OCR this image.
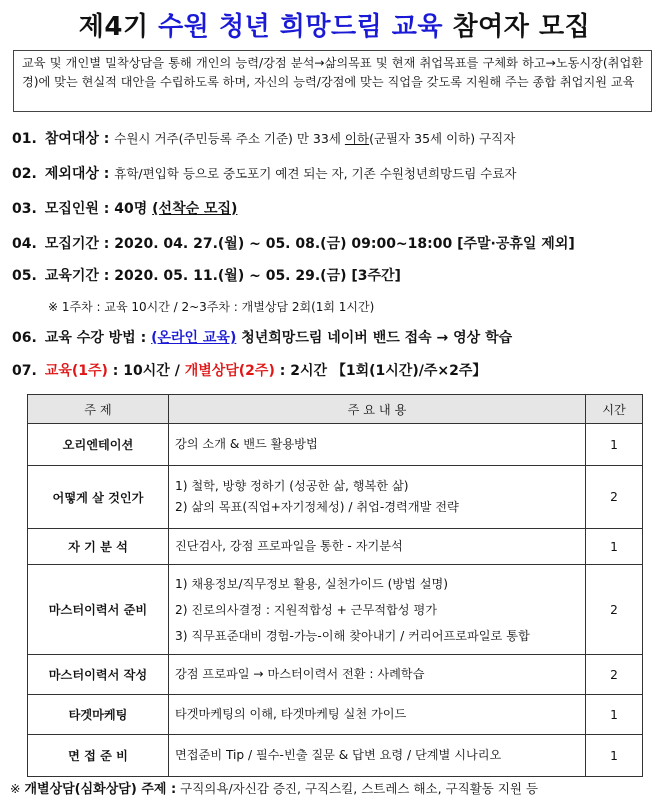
제4기 수원 청년 희망드림 교육 참여자 모집
교육 및 개인별 밀착상담을 통해 개인의 능력/강점 분석→삶의목표 및 현재 취업목표를 구체화 하고→노동시장(취업환경)에 맞는 현실적 대안을 수립하도록 하며, 자신의 능력/강점에 맞는 직업을 갖도록 지원해 주는 종합 취업지원 교육
01. 참여대상 : 수원시 거주(주민등록 주소 기준) 만 33세 이하(군필자 35세 이하) 구직자
02. 제외대상 : 휴학/편입학 등으로 중도포기 예견 되는 자, 기존 수원청년희망드림 수료자
03. 모집인원 : 40명 (선착순 모집)
04. 모집기간 : 2020. 04. 27.(월) ~ 05. 08.(금) 09:00~18:00 [주말·공휴일 제외]
05. 교육기간 : 2020. 05. 11.(월) ~ 05. 29.(금) [3주간]
※ 1주차 : 교육 10시간 / 2~3주차 : 개별상담 2회(1회 1시간)
06. 교육 수강 방법 : (온라인 교육) 청년희망드림 네이버 밴드 접속 → 영상 학습
07. 교육(1주) : 10시간 / 개별상담(2주) : 2시간 【1회(1시간)/주×2주】
주 제	주 요 내 용	시간
오리엔테이션	강의 소개 & 밴드 활용방법	1
어떻게 살 것인가	1) 철학, 방향 정하기 (성공한 삶, 행복한 삶)
2) 삶의 목표(직업+자기정체성) / 취업-경력개발 전략	2
자 기 분 석	진단검사, 강점 프로파일을 통한 - 자기분석	1
마스터이력서 준비	1) 채용정보/직무정보 활용, 실천가이드 (방법 설명)
2) 진로의사결정 : 지원적합성 + 근무적합성 평가
3) 직무표준대비 경험-가능-이해 찾아내기 / 커리어프로파일로 통합	2
마스터이력서 작성	강점 프로파일 → 마스터이력서 전환 : 사례학습	2
타겟마케팅	타겟마케팅의 이해, 타겟마케팅 실천 가이드	1
면 접 준 비	면접준비 Tip / 필수-빈출 질문 & 답변 요령 / 단계별 시나리오	1
※ 개별상담(심화상담) 주제 : 구직의욕/자신감 증진, 구직스킬, 스트레스 해소, 구직활동 지원 등
